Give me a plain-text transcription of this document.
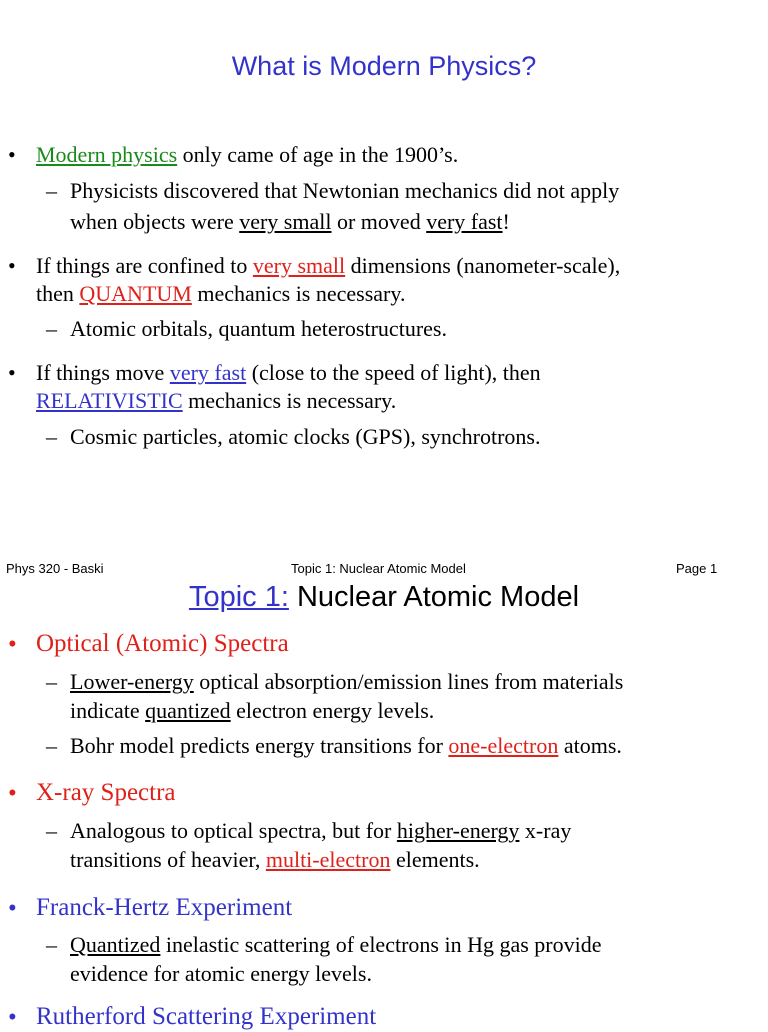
What is Modern Physics?
• Modern physics only came of age in the 1900’s.
– Physicists discovered that Newtonian mechanics did not apply
when objects were very small or moved very fast!
• If things are confined to very small dimensions (nanometer-scale),
then QUANTUM mechanics is necessary.
– Atomic orbitals, quantum heterostructures.
• If things move very fast (close to the speed of light), then
RELATIVISTIC mechanics is necessary.
– Cosmic particles, atomic clocks (GPS), synchrotrons.
Phys 320 - Baski	Topic 1: Nuclear Atomic Model	Page 1
Topic 1: Nuclear Atomic Model
• Optical (Atomic) Spectra
– Lower-energy optical absorption/emission lines from materials
indicate quantized electron energy levels.
– Bohr model predicts energy transitions for one-electron atoms.
• X-ray Spectra
– Analogous to optical spectra, but for higher-energy x-ray
transitions of heavier, multi-electron elements.
• Franck-Hertz Experiment
– Quantized inelastic scattering of electrons in Hg gas provide
evidence for atomic energy levels.
• Rutherford Scattering Experiment
